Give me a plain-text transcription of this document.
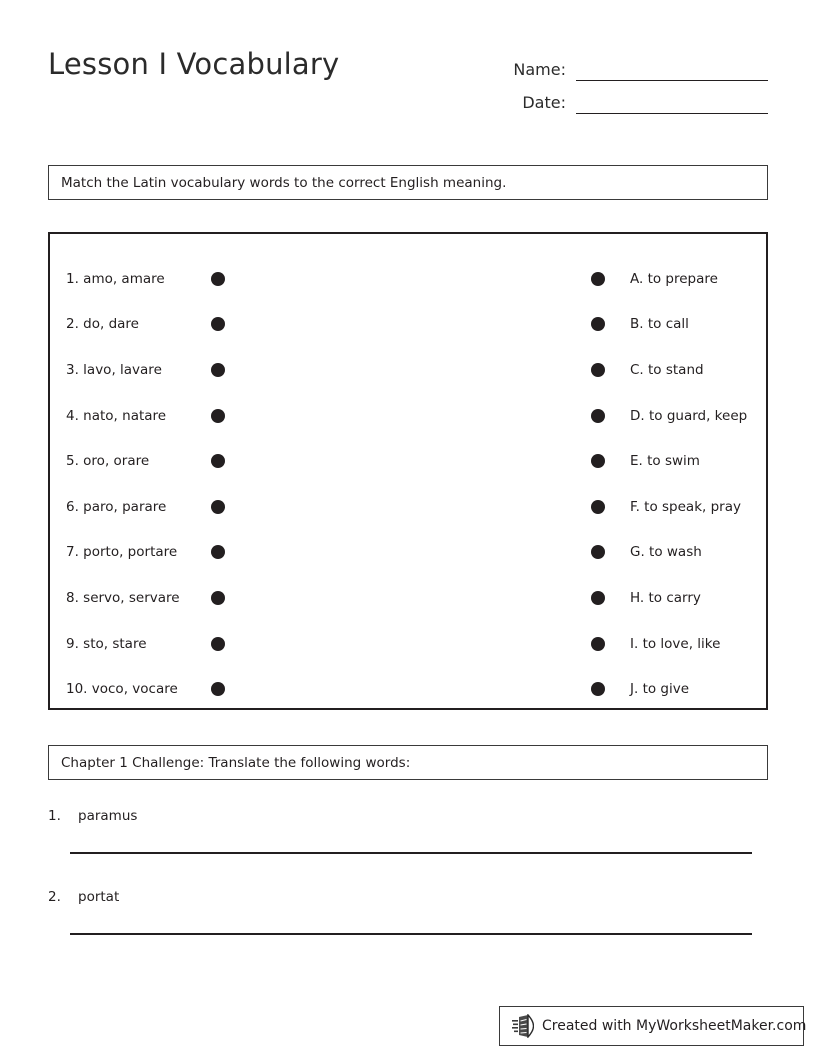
Lesson I Vocabulary	Name:
Date:
Match the Latin vocabulary words to the correct English meaning.
1. amo, amare	A. to prepare
2. do, dare	B. to call
3. lavo, lavare	C. to stand
4. nato, natare	D. to guard, keep
5. oro, orare	E. to swim
6. paro, parare	F. to speak, pray
7. porto, portare	G. to wash
8. servo, servare	H. to carry
9. sto, stare	I. to love, like
10. voco, vocare	J. to give
Chapter 1 Challenge: Translate the following words:
1. paramus
2. portat
Created with MyWorksheetMaker.com
